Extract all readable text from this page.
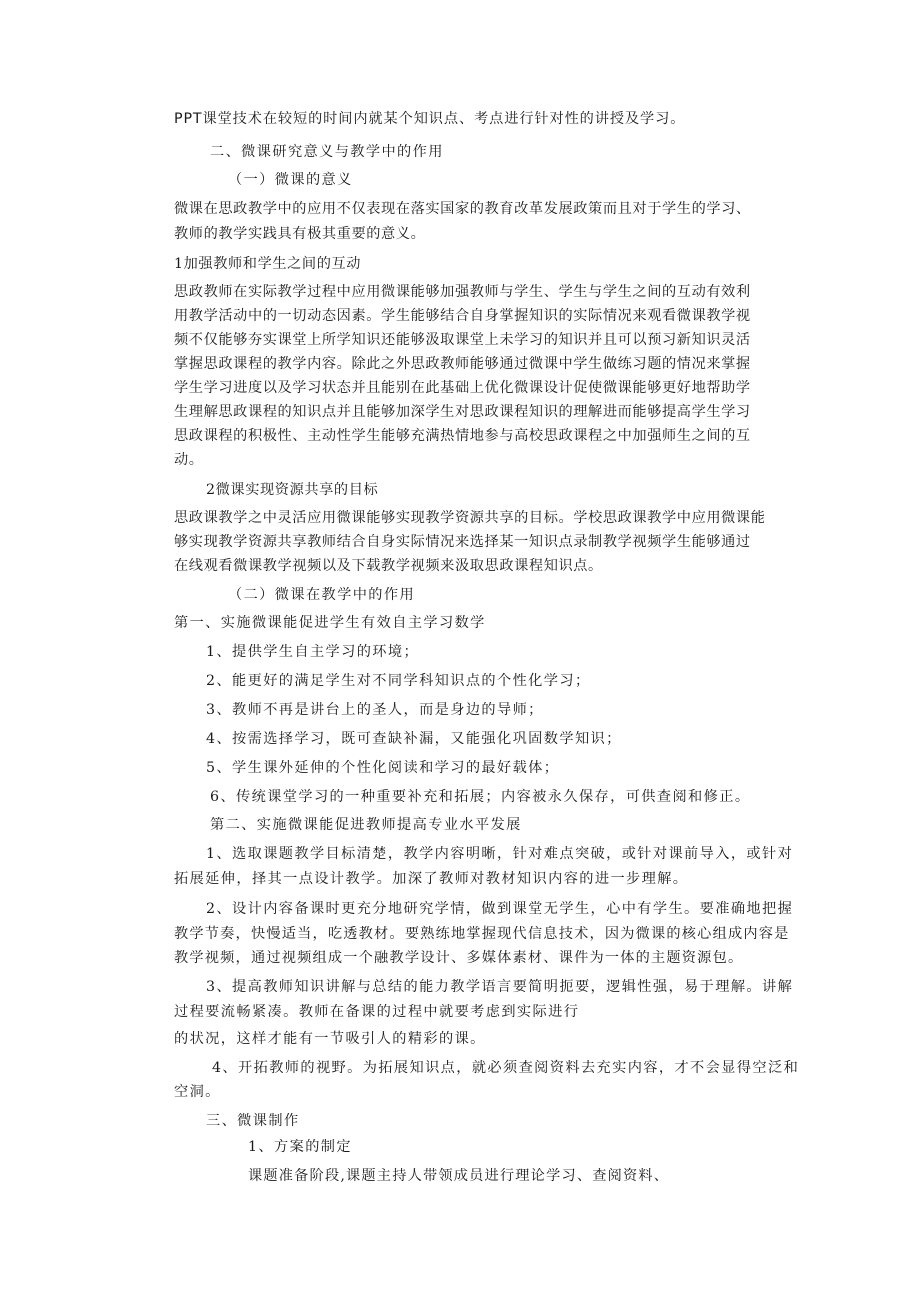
PPT课堂技术在较短的时间内就某个知识点、考点进行针对性的讲授及学习。

二、微课研究意义与教学中的作用

（一）微课的意义

微课在思政教学中的应用不仅表现在落实国家的教育改革发展政策而且对于学生的学习、

教师的教学实践具有极其重要的意义。

1加强教师和学生之间的互动

思政教师在实际教学过程中应用微课能够加强教师与学生、学生与学生之间的互动有效利

用教学活动中的一切动态因素。学生能够结合自身掌握知识的实际情况来观看微课教学视

频不仅能够夯实课堂上所学知识还能够汲取课堂上未学习的知识并且可以预习新知识灵活

掌握思政课程的教学内容。除此之外思政教师能够通过微课中学生做练习题的情况来掌握

学生学习进度以及学习状态并且能别在此基础上优化微课设计促使微课能够更好地帮助学

生理解思政课程的知识点并且能够加深学生对思政课程知识的理解进而能够提高学生学习

思政课程的积极性、主动性学生能够充满热情地参与高校思政课程之中加强师生之间的互

动。

2微课实现资源共享的目标

思政课教学之中灵活应用微课能够实现教学资源共享的目标。学校思政课教学中应用微课能

够实现教学资源共享教师结合自身实际情况来选择某一知识点录制教学视频学生能够通过

在线观看微课教学视频以及下载教学视频来汲取思政课程知识点。

（二）微课在教学中的作用

第一、实施微课能促进学生有效自主学习数学

1、提供学生自主学习的环境；

2、能更好的满足学生对不同学科知识点的个性化学习；

3、教师不再是讲台上的圣人，而是身边的导师；

4、按需选择学习，既可查缺补漏，又能强化巩固数学知识；

5、学生课外延伸的个性化阅读和学习的最好载体；

6、传统课堂学习的一种重要补充和拓展；内容被永久保存，可供查阅和修正。

第二、实施微课能促进教师提高专业水平发展

1、选取课题教学目标清楚，教学内容明晰，针对难点突破，或针对课前导入，或针对

拓展延伸，择其一点设计教学。加深了教师对教材知识内容的进一步理解。

2、设计内容备课时更充分地研究学情，做到课堂无学生，心中有学生。要准确地把握

教学节奏，快慢适当，吃透教材。要熟练地掌握现代信息技术，因为微课的核心组成内容是

教学视频，通过视频组成一个融教学设计、多媒体素材、课件为一体的主题资源包。

3、提高教师知识讲解与总结的能力教学语言要简明扼要，逻辑性强，易于理解。讲解

过程要流畅紧凑。教师在备课的过程中就要考虑到实际进行

的状况，这样才能有一节吸引人的精彩的课。

4、开拓教师的视野。为拓展知识点，就必须查阅资料去充实内容，才不会显得空泛和

空洞。

三、微课制作

1、方案的制定

课题准备阶段,课题主持人带领成员进行理论学习、查阅资料、
